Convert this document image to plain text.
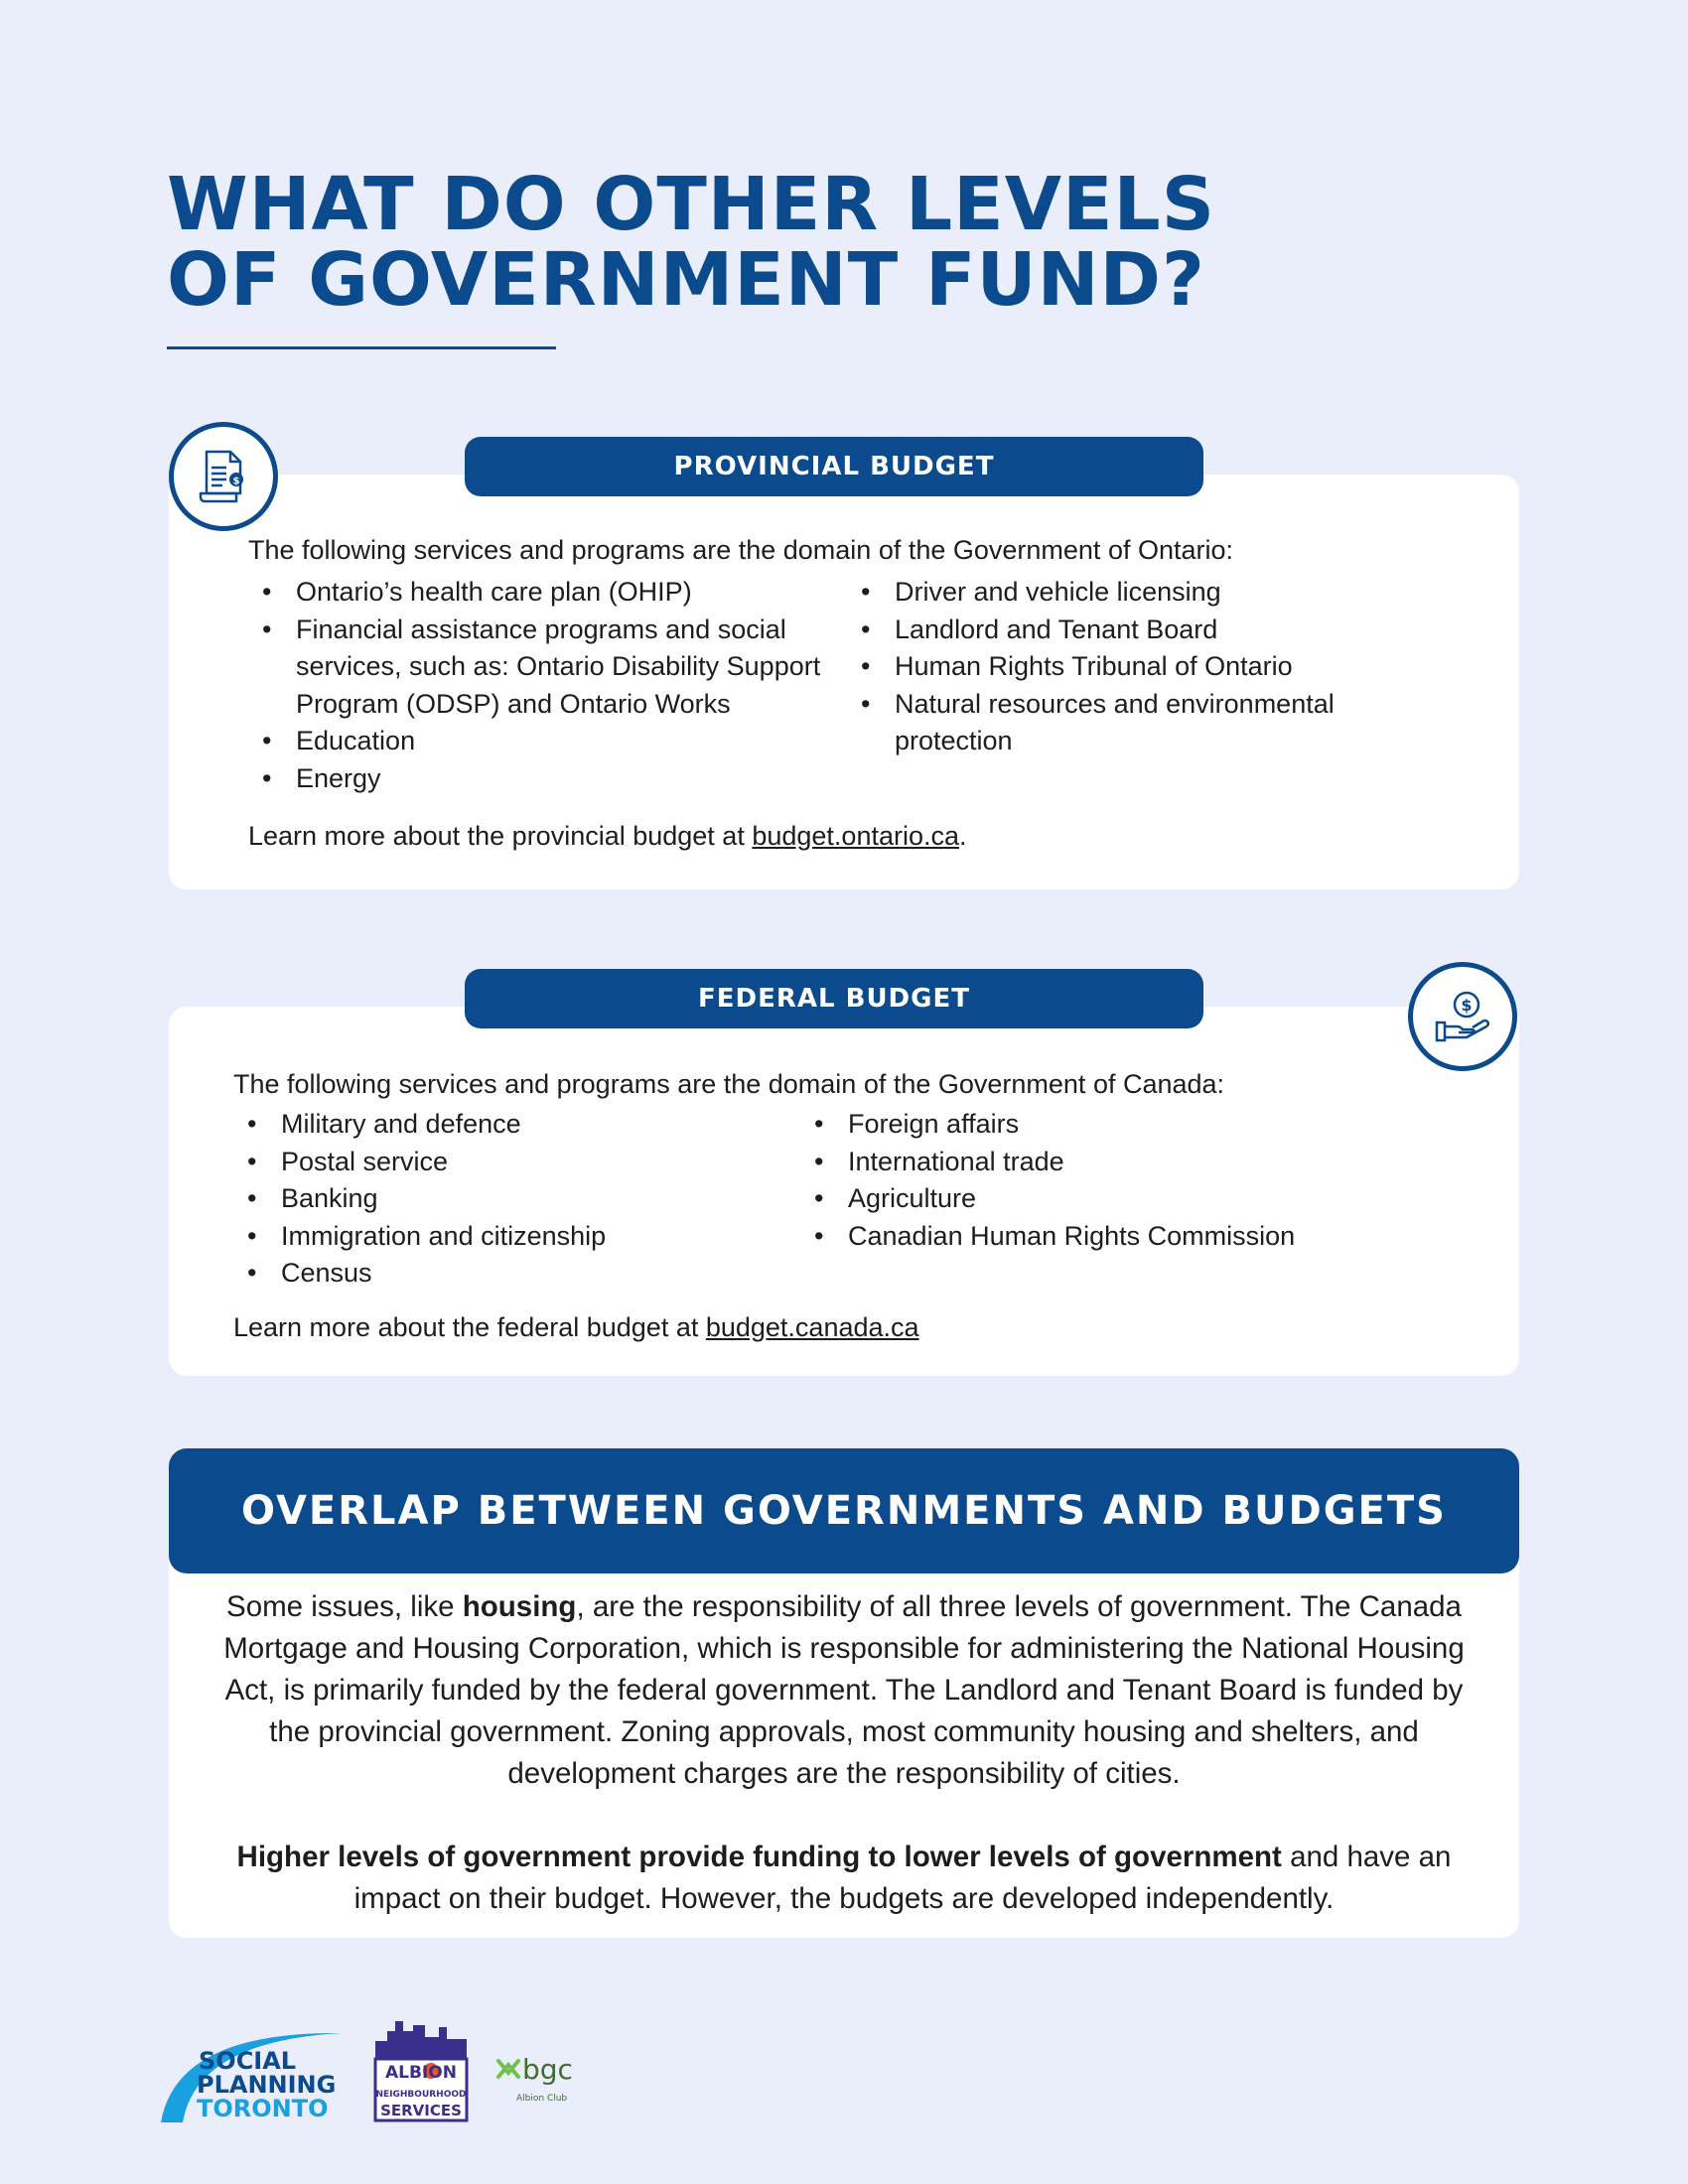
WHAT DO OTHER LEVELS
OF GOVERNMENT FUND?

The following services and programs are the domain of the Government of Ontario:

• Ontario’s health care plan (OHIP)
• Financial assistance programs and social services, such as: Ontario Disability Support Program (ODSP) and Ontario Works
• Education
• Energy
• Driver and vehicle licensing
• Landlord and Tenant Board
• Human Rights Tribunal of Ontario
• Natural resources and environmental protection
Learn more about the provincial budget at budget.ontario.ca.
PROVINCIAL BUDGET
$

The following services and programs are the domain of the Government of Canada:

• Military and defence
• Postal service
• Banking
• Immigration and citizenship
• Census
• Foreign affairs
• International trade
• Agriculture
• Canadian Human Rights Commission
Learn more about the federal budget at budget.canada.ca
FEDERAL BUDGET	$
OVERLAP BETWEEN GOVERNMENTS AND BUDGETS

Some issues, like housing, are the responsibility of all three levels of government. The Canada Mortgage and Housing Corporation, which is responsible for administering the National Housing Act, is primarily funded by the federal government. The Landlord and Tenant Board is funded by the provincial government. Zoning approvals, most community housing and shelters, and development charges are the responsibility of cities.

Higher levels of government provide funding to lower levels of government and have an impact on their budget. However, the budgets are developed independently.

SOCIAL
PLANNING
TORONTO
ALBION
NEIGHBOURHOOD
SERVICES
bgc
Albion Club
